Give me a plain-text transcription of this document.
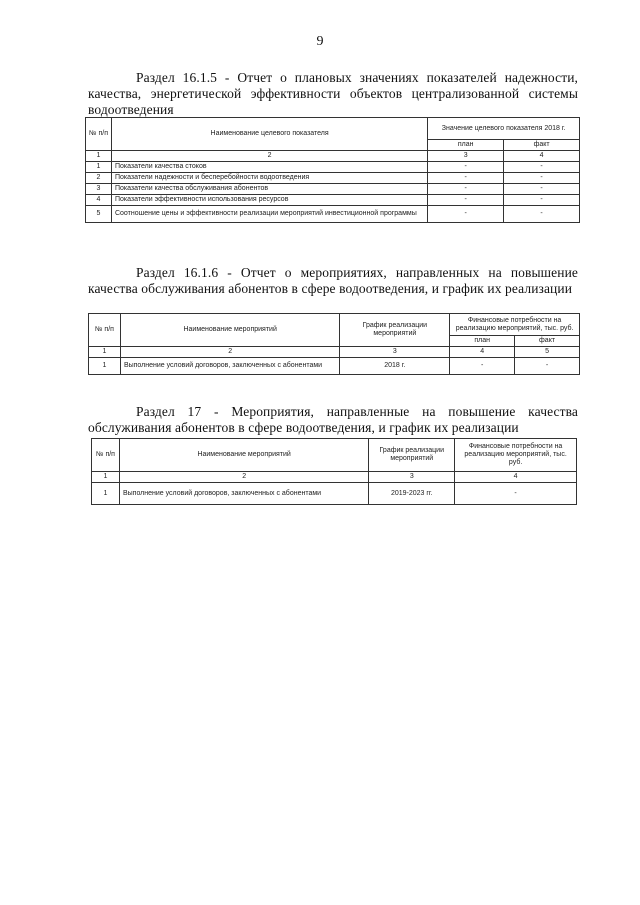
9
Раздел 16.1.5 - Отчет о плановых значениях показателей надежности, качества, энергетической эффективности объектов централизованной системы водоотведения
№ п/п	Наименование целевого показателя	Значение целевого показателя 2018 г.	
		план	факт
1	2	3	4
1	Показатели качества стоков	-	-
2	Показатели надежности и бесперебойности водоотведения	-	-
3	Показатели качества обслуживания абонентов	-	-
4	Показатели эффективности использования ресурсов	-	-
5	Соотношение цены и эффективности реализации мероприятий инвестиционной программы	-	-
Раздел 16.1.6 - Отчет о мероприятиях, направленных на повышение качества обслуживания абонентов в сфере водоотведения, и график их реализации
№ п/п	Наименование мероприятий	График реализации мероприятий	Финансовые потребности на реализацию мероприятий, тыс. руб.	
			план	факт
1	2	3	4	5
1	Выполнение условий договоров, заключенных с абонентами	2018 г.	-	-
Раздел 17 - Мероприятия, направленные на повышение качества обслуживания абонентов в сфере водоотведения, и график их реализации
№ п/п	Наименование мероприятий	График реализации мероприятий	Финансовые потребности на реализацию мероприятий, тыс. руб.
1	2	3	4
1	Выполнение условий договоров, заключенных с абонентами	2019-2023 гг.	-
